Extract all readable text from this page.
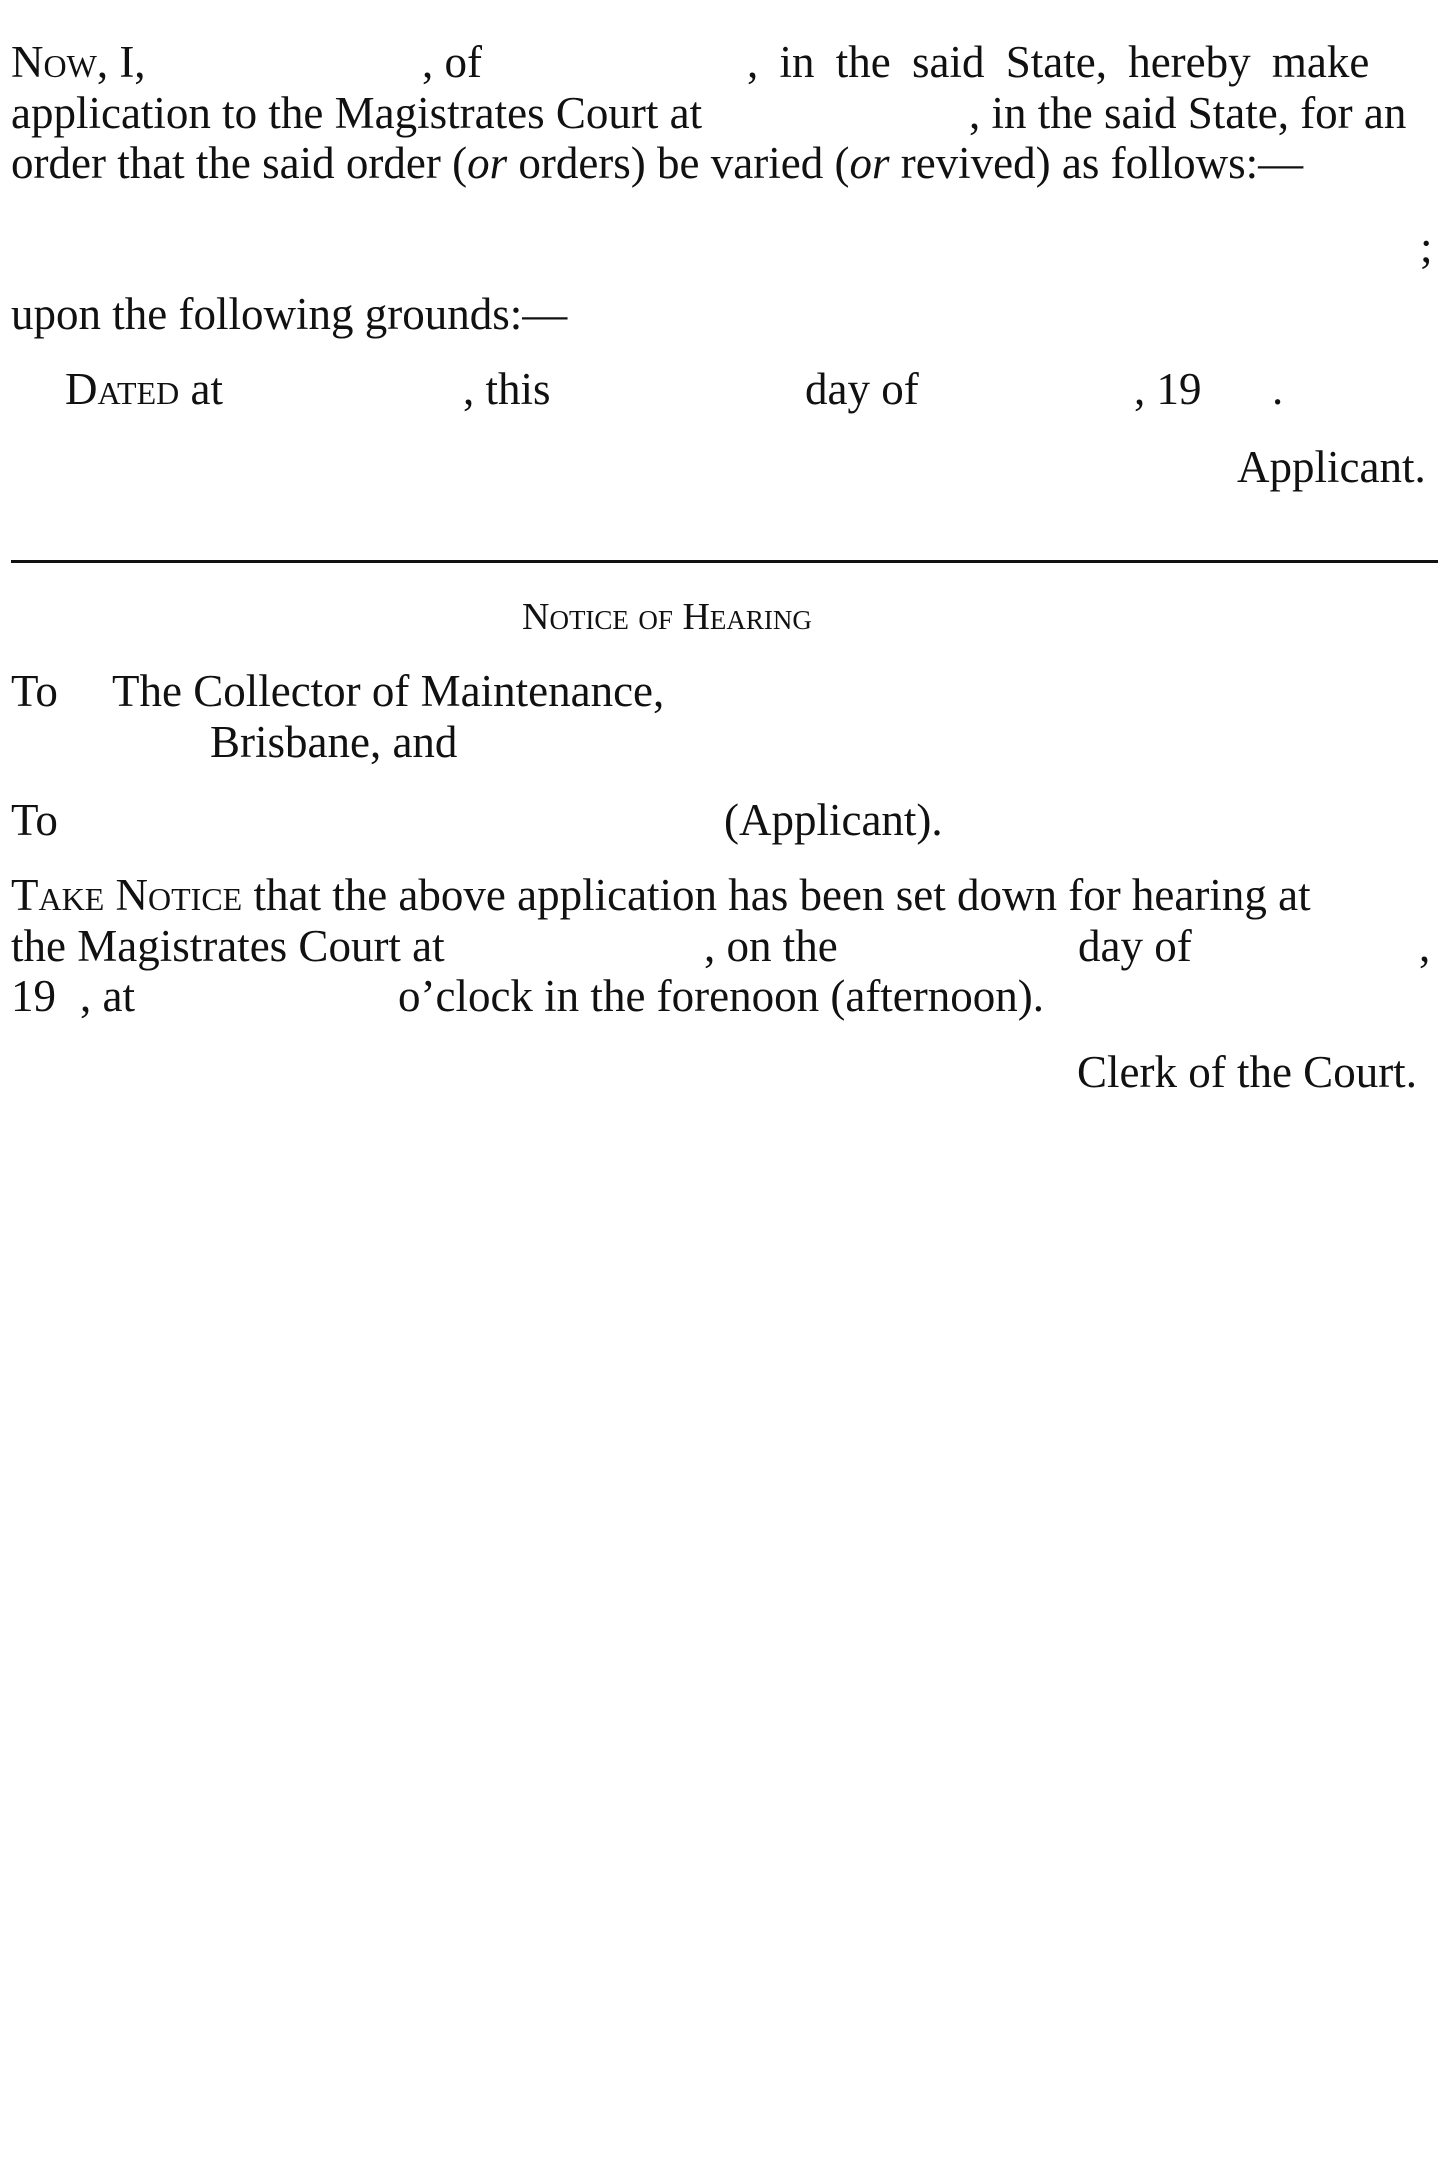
Now, I,	, of	, in the said State, hereby make
application to the Magistrates Court at	, in the said State, for an
order that the said order (or orders) be varied (or revived) as follows:—
;
upon the following grounds:—
Dated at	, this	day of	, 19 .
Applicant.
Notice of Hearing
To The Collector of Maintenance,
Brisbane, and
To	(Applicant).
Take Notice that the above application has been set down for hearing at
the Magistrates Court at	, on the	day of	,
19 , at	o’clock in the forenoon (afternoon).
Clerk of the Court.
